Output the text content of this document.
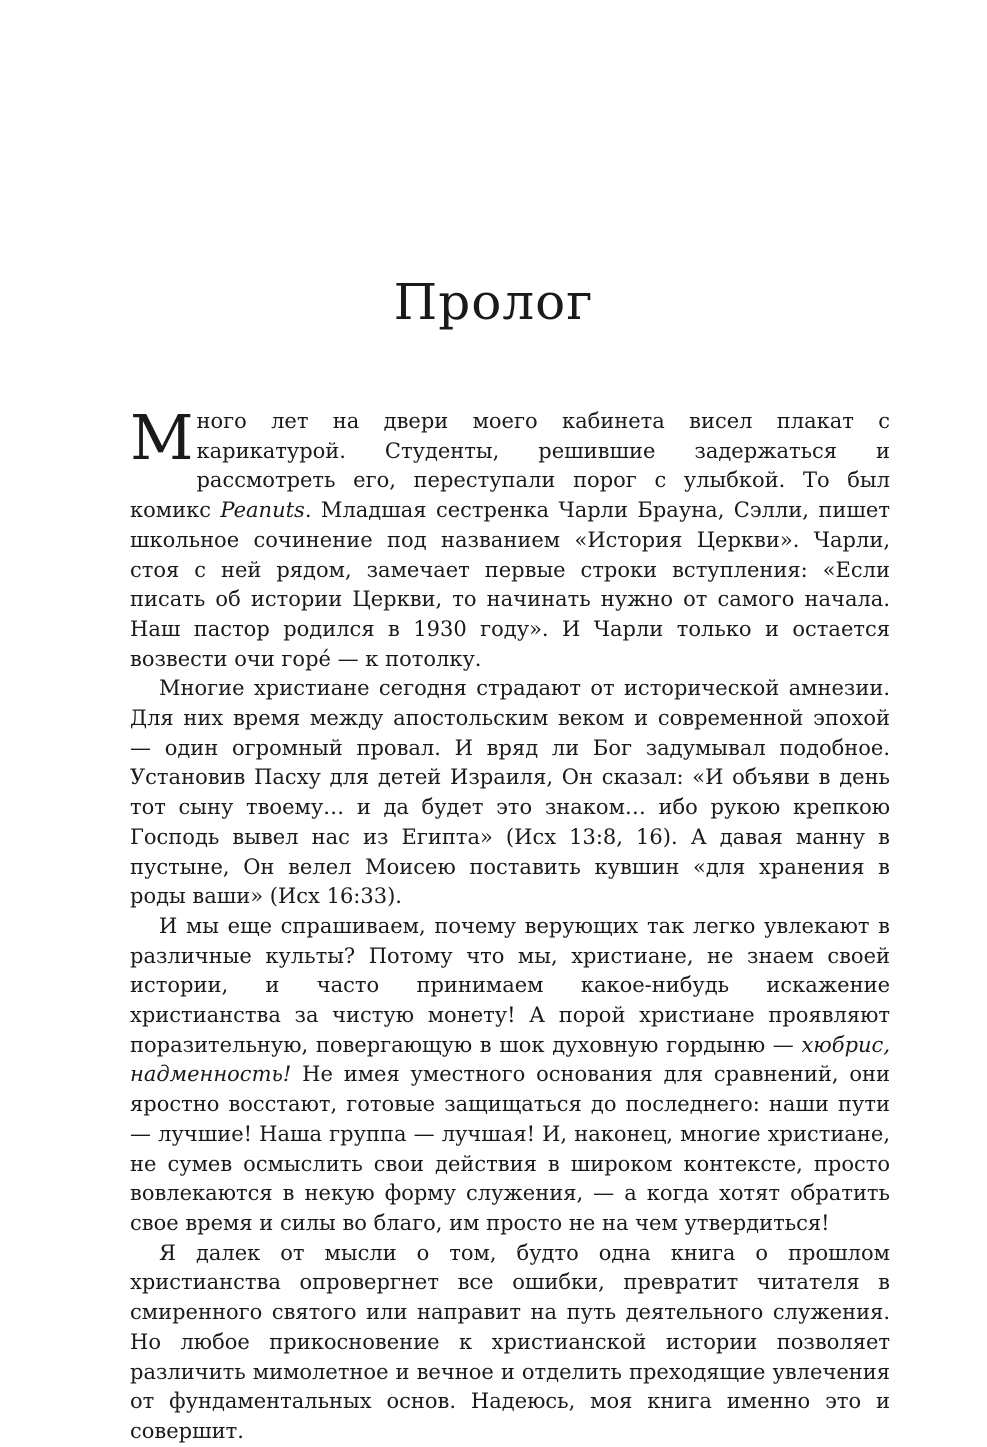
Пролог

Много лет на двери моего кабинета висел плакат с карикатурой. Студенты, решившие задержаться и рассмотреть его, переступали порог с улыбкой. То был комикс Peanuts. Младшая сестренка Чарли Брауна, Сэлли, пишет школьное сочинение под названием «История Церкви». Чарли, стоя с ней рядом, замечает первые строки вступления: «Если писать об истории Церкви, то начинать нужно от самого начала. Наш пастор родился в 1930 году». И Чарли только и остается возвести очи горé — к потолку.

Многие христиане сегодня страдают от исторической амнезии. Для них время между апостольским веком и современной эпохой — один огромный провал. И вряд ли Бог задумывал подобное. Установив Пасху для детей Израиля, Он сказал: «И объяви в день тот сыну твоему… и да будет это знаком… ибо рукою крепкою Господь вывел нас из Египта» (Исх 13:8, 16). А давая манну в пустыне, Он велел Моисею поставить кувшин «для хранения в роды ваши» (Исх 16:33).

И мы еще спрашиваем, почему верующих так легко увлекают в различные культы? Потому что мы, христиане, не знаем своей истории, и часто принимаем какое-нибудь искажение христианства за чистую монету! А порой христиане проявляют поразительную, повергающую в шок духовную гордыню — хюбрис, надменность! Не имея уместного основания для сравнений, они яростно восстают, готовые защищаться до последнего: наши пути — лучшие! Наша группа — лучшая! И, наконец, многие христиане, не сумев осмыслить свои действия в широком контексте, просто вовлекаются в некую форму служения, — а когда хотят обратить свое время и силы во благо, им просто не на чем утвердиться!

Я далек от мысли о том, будто одна книга о прошлом христианства опровергнет все ошибки, превратит читателя в смиренного святого или направит на путь деятельного служения. Но любое прикосновение к христианской истории позволяет различить мимолетное и вечное и отделить преходящие увлечения от фундаментальных основ. Надеюсь, моя книга именно это и совершит.
